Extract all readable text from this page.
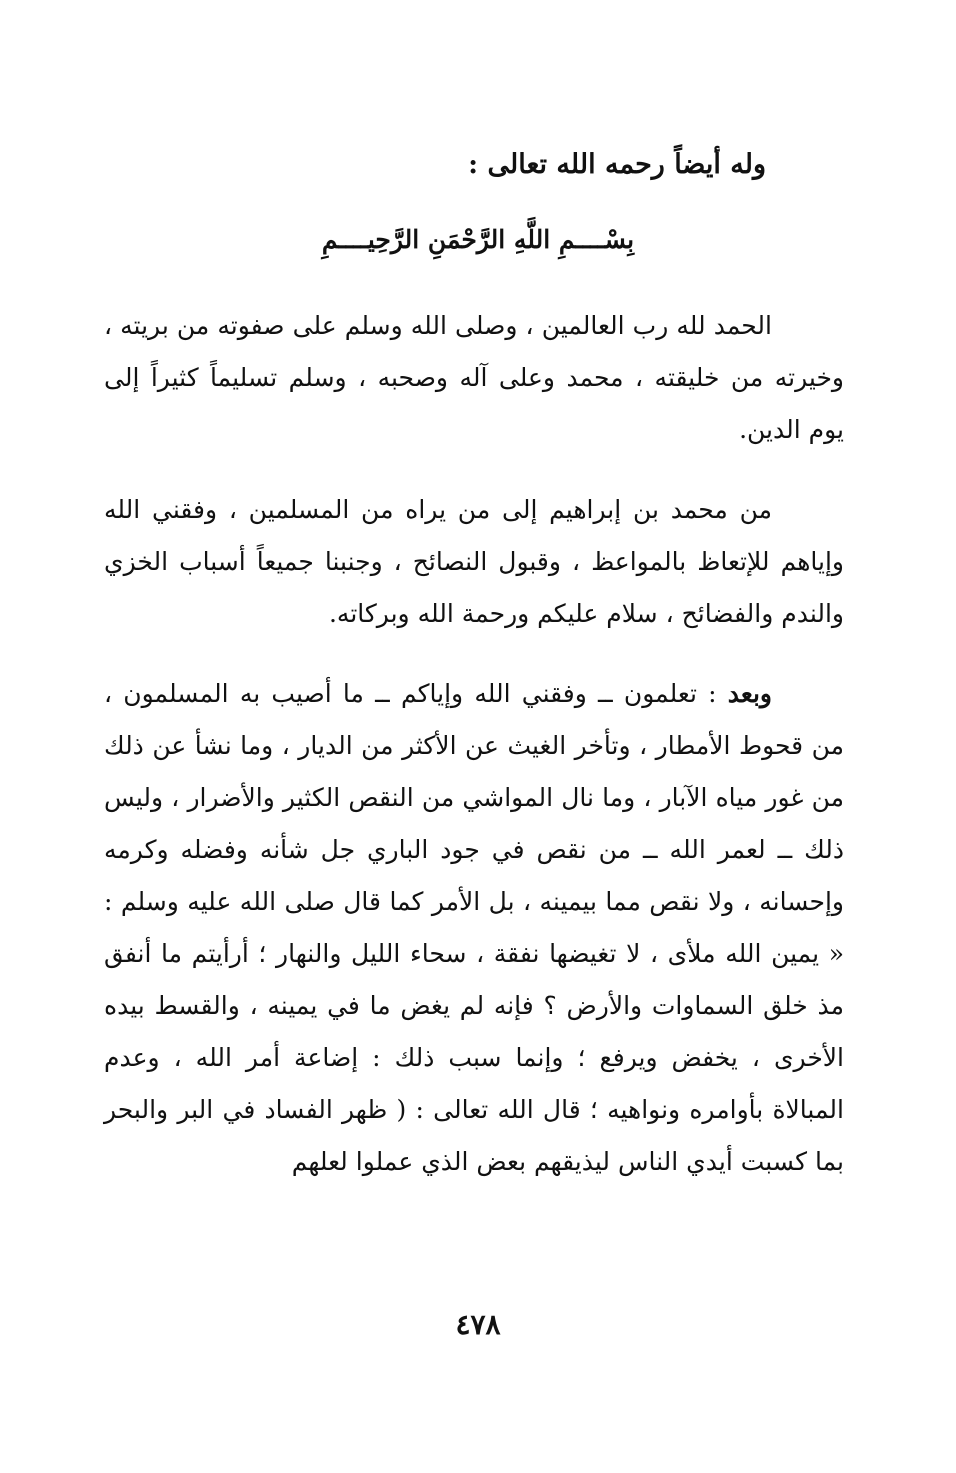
وله أيضاً رحمه الله تعالى :
بِسْــــمِ اللَّهِ الرَّحْمَنِ الرَّحِيــــمِ

الحمد لله رب العالمين ، وصلى الله وسلم على صفوته من بريته ، وخيرته من خليقته ، محمد وعلى آله وصحبه ، وسلم تسليماً كثيراً إلى يوم الدين.

من محمد بن إبراهيم إلى من يراه من المسلمين ، وفقني الله وإياهم للإتعاظ بالمواعظ ، وقبول النصائح ، وجنبنا جميعاً أسباب الخزي والندم والفضائح ، سلام عليكم ورحمة الله وبركاته.

وبعد : تعلمون ــ وفقني الله وإياكم ــ ما أصيب به المسلمون ، من قحوط الأمطار ، وتأخر الغيث عن الأكثر من الديار ، وما نشأ عن ذلك من غور مياه الآبار ، وما نال المواشي من النقص الكثير والأضرار ، وليس ذلك ــ لعمر الله ــ من نقص في جود الباري جل شأنه وفضله وكرمه وإحسانه ، ولا نقص مما بيمينه ، بل الأمر كما قال صلى الله عليه وسلم : « يمين الله ملأى ، لا تغيضها نفقة ، سحاء الليل والنهار ؛ أرأيتم ما أنفق مذ خلق السماوات والأرض ؟ فإنه لم يغض ما في يمينه ، والقسط بيده الأخرى ، يخفض ويرفع ؛ وإنما سبب ذلك : إضاعة أمر الله ، وعدم المبالاة بأوامره ونواهيه ؛ قال الله تعالى : ( ظهر الفساد في البر والبحر بما كسبت أيدي الناس ليذيقهم بعض الذي عملوا لعلهم

٤٧٨
